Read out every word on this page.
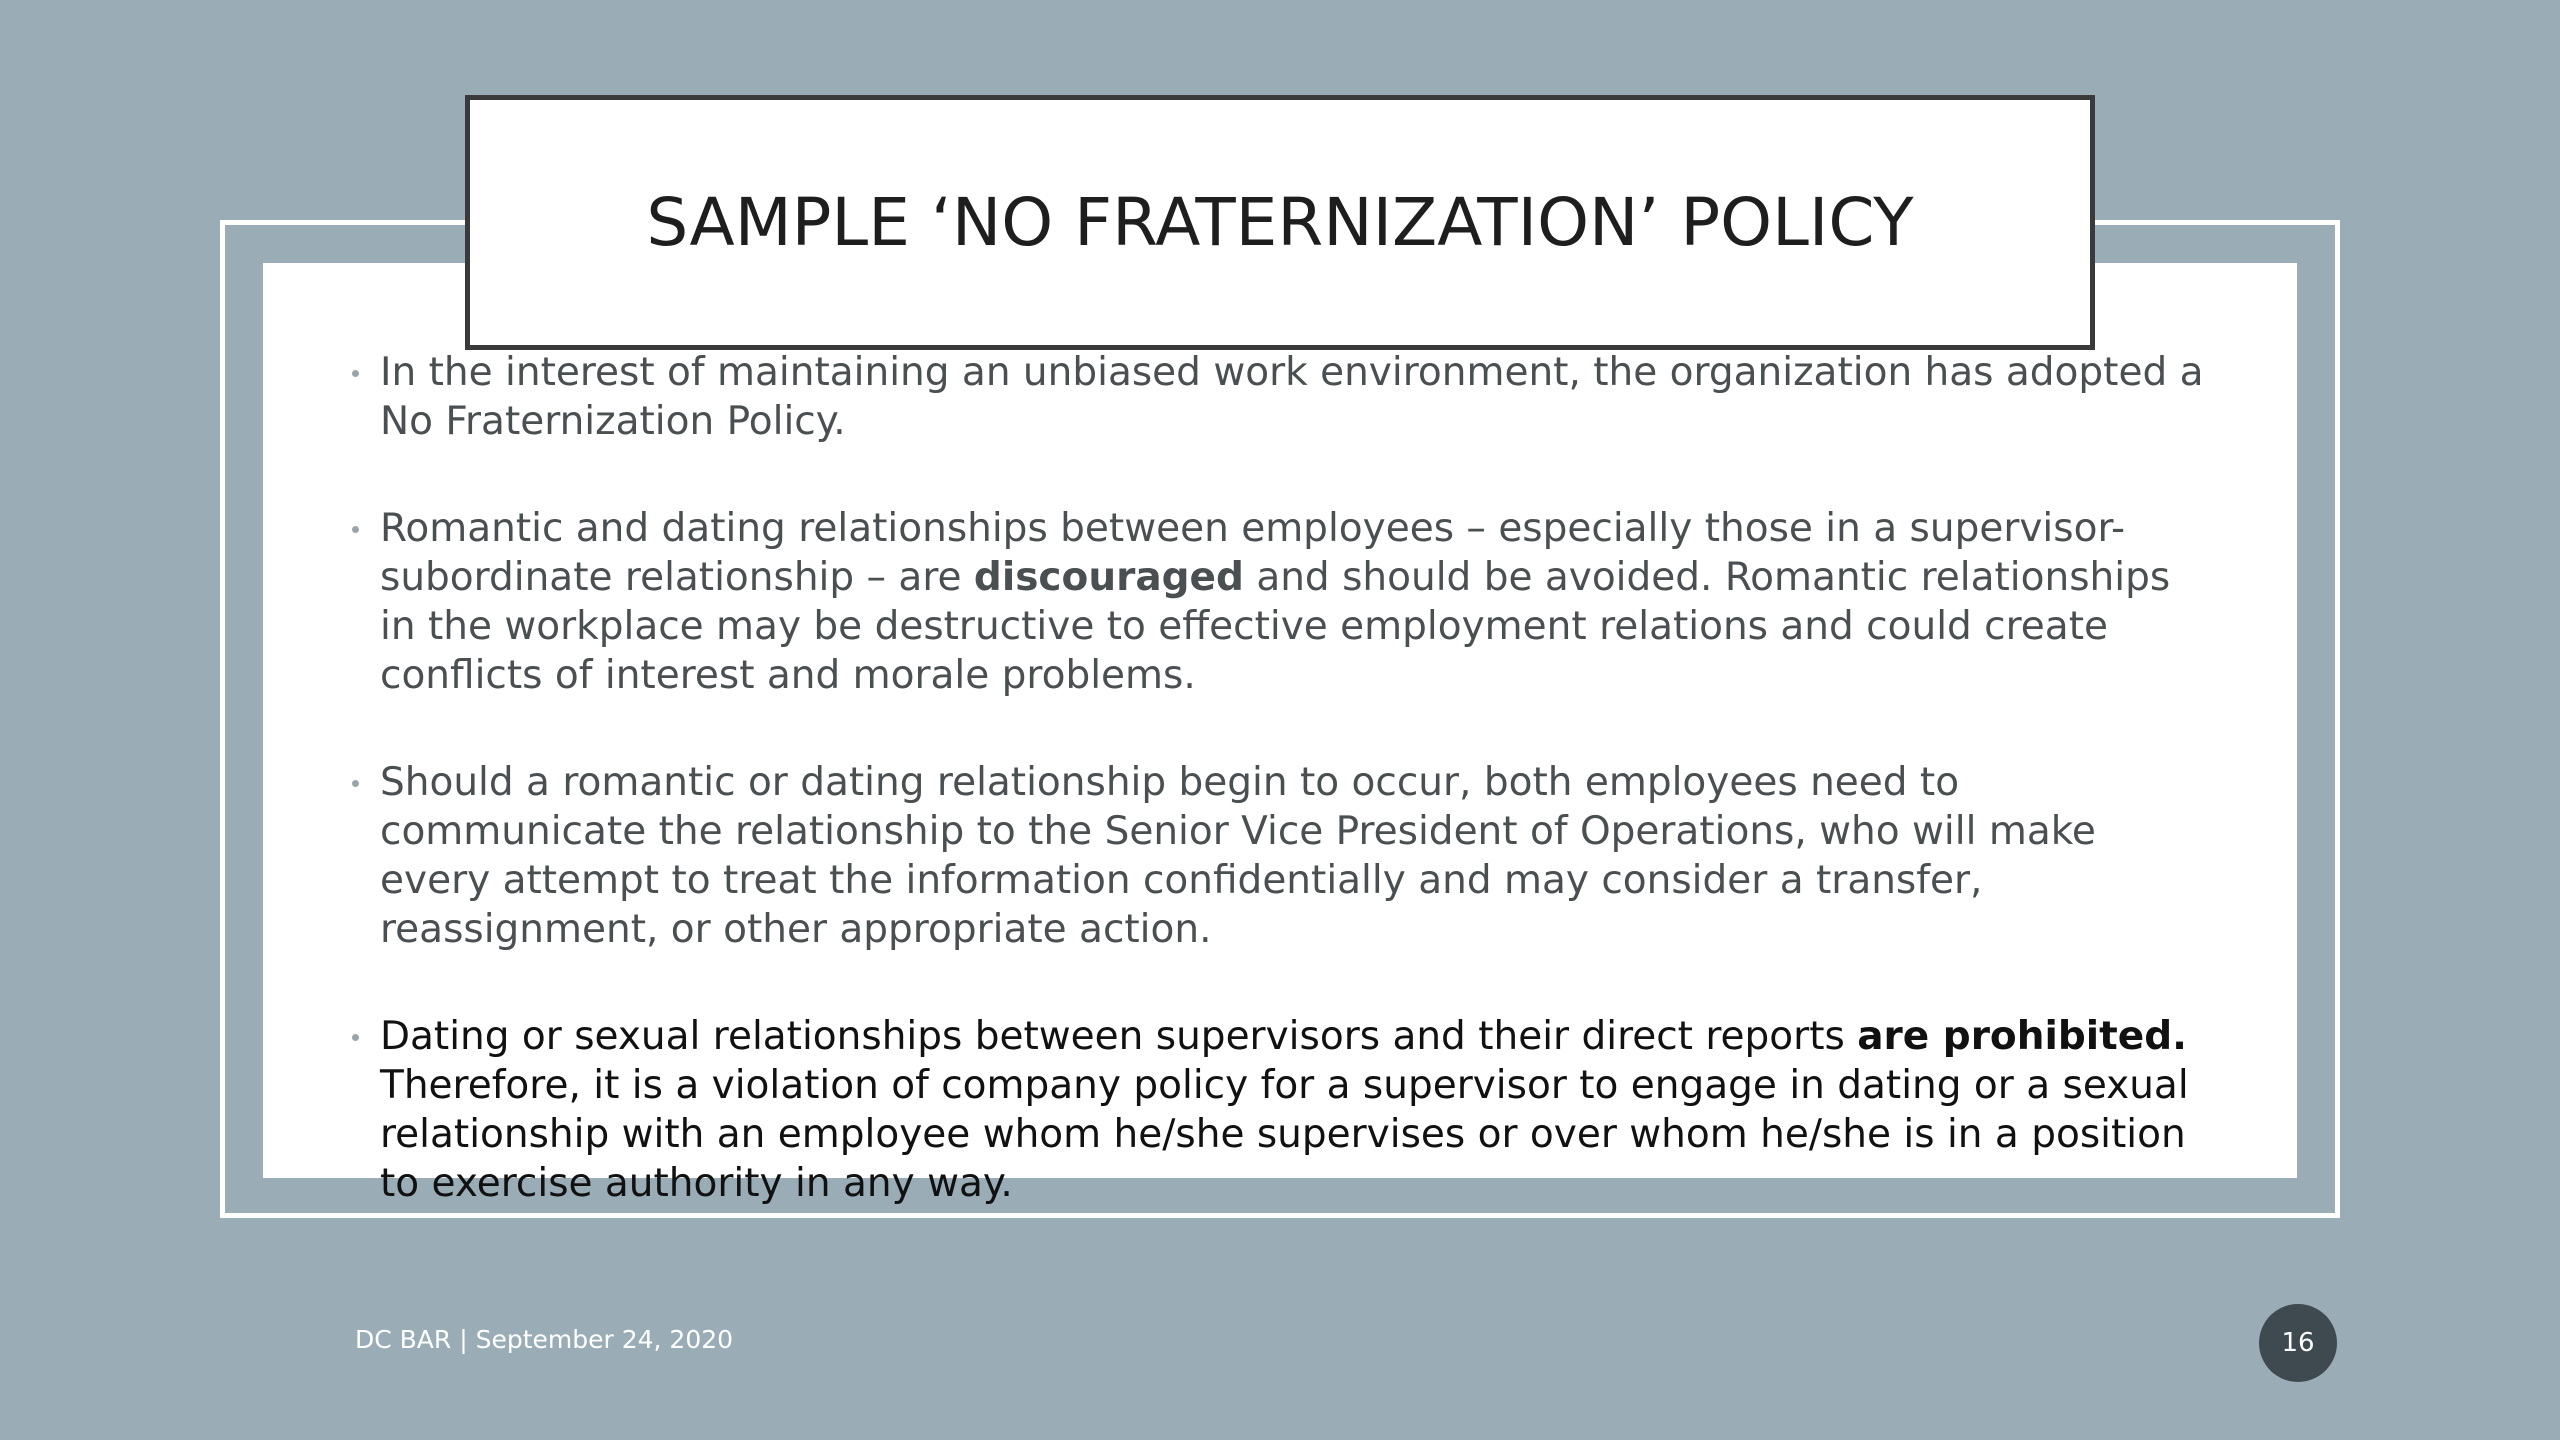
SAMPLE ‘NO FRATERNIZATION’ POLICY
In the interest of maintaining an unbiased work environment, the organization has adopted a No Fraternization Policy.
Romantic and dating relationships between employees – especially those in a supervisor-subordinate relationship – are discouraged and should be avoided. Romantic relationships in the workplace may be destructive to effective employment relations and could create conflicts of interest and morale problems.
Should a romantic or dating relationship begin to occur, both employees need to communicate the relationship to the Senior Vice President of Operations, who will make every attempt to treat the information confidentially and may consider a transfer, reassignment, or other appropriate action.
Dating or sexual relationships between supervisors and their direct reports are prohibited. Therefore, it is a violation of company policy for a supervisor to engage in dating or a sexual relationship with an employee whom he/she supervises or over whom he/she is in a position to exercise authority in any way.
DC BAR | September 24, 2020	16
